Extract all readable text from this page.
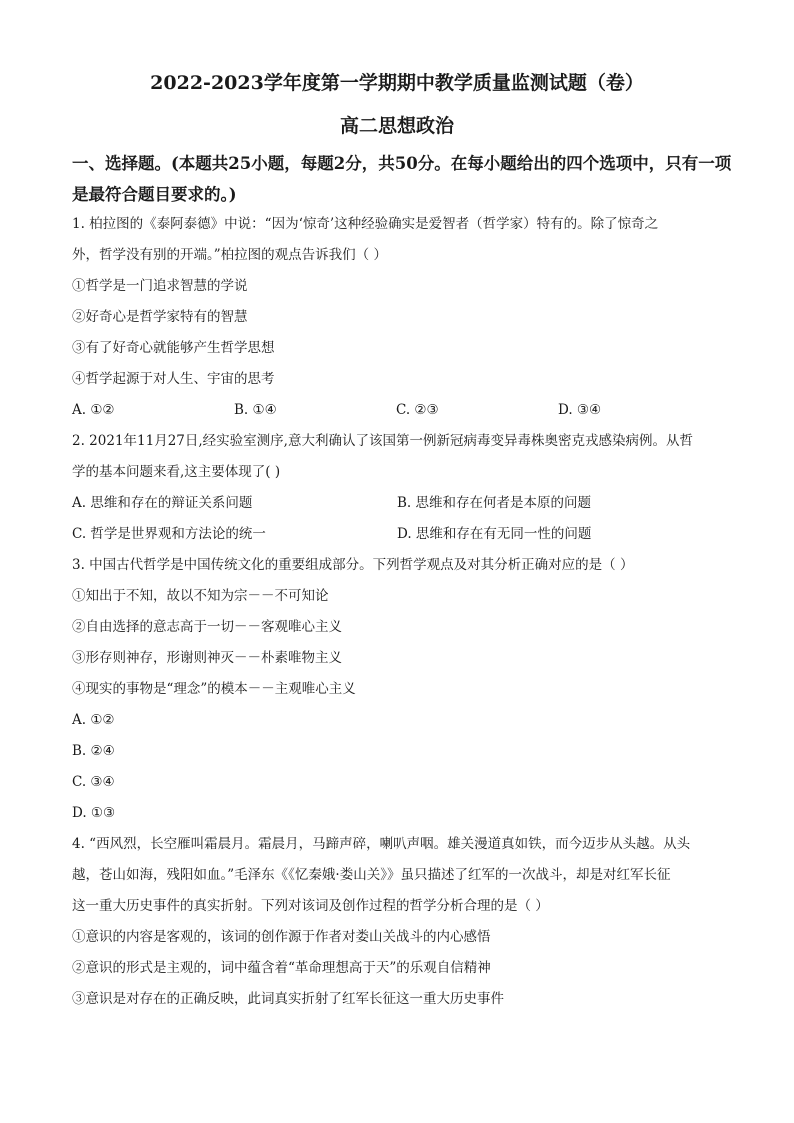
2022-2023学年度第一学期期中教学质量监测试题（卷）
高二思想政治
一、选择题。(本题共25小题，每题2分，共50分。在每小题给出的四个选项中，只有一项
是最符合题目要求的。)
1. 柏拉图的《泰阿泰德》中说：“因为‘惊奇’这种经验确实是爱智者（哲学家）特有的。除了惊奇之
外，哲学没有别的开端。”柏拉图的观点告诉我们（ ）
①哲学是一门追求智慧的学说
②好奇心是哲学家特有的智慧
③有了好奇心就能够产生哲学思想
④哲学起源于对人生、宇宙的思考
A. ①②	B. ①④	C. ②③	D. ③④
2. 2021年11月27日,经实验室测序,意大利确认了该国第一例新冠病毒变异毒株奥密克戎感染病例。从哲
学的基本问题来看,这主要体现了( )
A. 思维和存在的辩证关系问题	B. 思维和存在何者是本原的问题
C. 哲学是世界观和方法论的统一	D. 思维和存在有无同一性的问题
3. 中国古代哲学是中国传统文化的重要组成部分。下列哲学观点及对其分析正确对应的是（ ）
①知出于不知，故以不知为宗－－不可知论
②自由选择的意志高于一切－－客观唯心主义
③形存则神存，形谢则神灭－－朴素唯物主义
④现实的事物是“理念”的模本－－主观唯心主义
A. ①②
B. ②④
C. ③④
D. ①③
4. “西风烈，长空雁叫霜晨月。霜晨月，马蹄声碎，喇叭声咽。雄关漫道真如铁，而今迈步从头越。从头
越，苍山如海，残阳如血。”毛泽东《《忆秦娥·娄山关》》虽只描述了红军的一次战斗，却是对红军长征
这一重大历史事件的真实折射。下列对该词及创作过程的哲学分析合理的是（ ）
①意识的内容是客观的，该词的创作源于作者对娄山关战斗的内心感悟
②意识的形式是主观的，词中蕴含着“革命理想高于天”的乐观自信精神
③意识是对存在的正确反映，此词真实折射了红军长征这一重大历史事件
